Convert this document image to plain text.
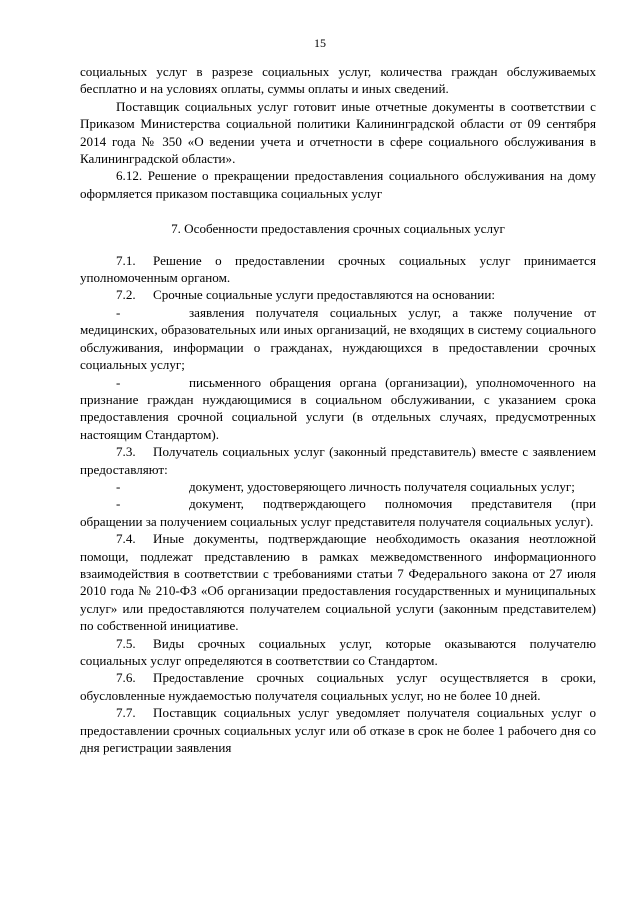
15

социальных услуг в разрезе социальных услуг, количества граждан обслуживаемых бесплатно и на условиях оплаты, суммы оплаты и иных сведений.

Поставщик социальных услуг готовит иные отчетные документы в соответствии с Приказом Министерства социальной политики Калининградской области от 09 сентября 2014 года № 350 «О ведении учета и отчетности в сфере социального обслуживания в Калининградской области».

6.12. Решение о прекращении предоставления социального обслуживания на дому оформляется приказом поставщика социальных услуг

7. Особенности предоставления срочных социальных услуг

7.1. Решение о предоставлении срочных социальных услуг принимается уполномоченным органом.

7.2. Срочные социальные услуги предоставляются на основании:

-	заявления получателя социальных услуг, а также получение от медицинских, образовательных или иных организаций, не входящих в систему социального обслуживания, информации о гражданах, нуждающихся в предоставлении срочных социальных услуг;

-	письменного обращения органа (организации), уполномоченного на признание граждан нуждающимися в социальном обслуживании, с указанием срока предоставления срочной социальной услуги (в отдельных случаях, предусмотренных настоящим Стандартом).

7.3. Получатель социальных услуг (законный представитель) вместе с заявлением предоставляют:

-	документ, удостоверяющего личность получателя социальных услуг;

-	документ, подтверждающего полномочия представителя (при обращении за получением социальных услуг представителя получателя социальных услуг).

7.4. Иные документы, подтверждающие необходимость оказания неотложной помощи, подлежат представлению в рамках межведомственного информационного взаимодействия в соответствии с требованиями статьи 7 Федерального закона от 27 июля 2010 года № 210-ФЗ «Об организации предоставления государственных и муниципальных услуг» или предоставляются получателем социальной услуги (законным представителем) по собственной инициативе.

7.5. Виды срочных социальных услуг, которые оказываются получателю социальных услуг определяются в соответствии со Стандартом.

7.6. Предоставление срочных социальных услуг осуществляется в сроки, обусловленные нуждаемостью получателя социальных услуг, но не более 10 дней.

7.7. Поставщик социальных услуг уведомляет получателя социальных услуг о предоставлении срочных социальных услуг или об отказе в срок не более 1 рабочего дня со дня регистрации заявления
